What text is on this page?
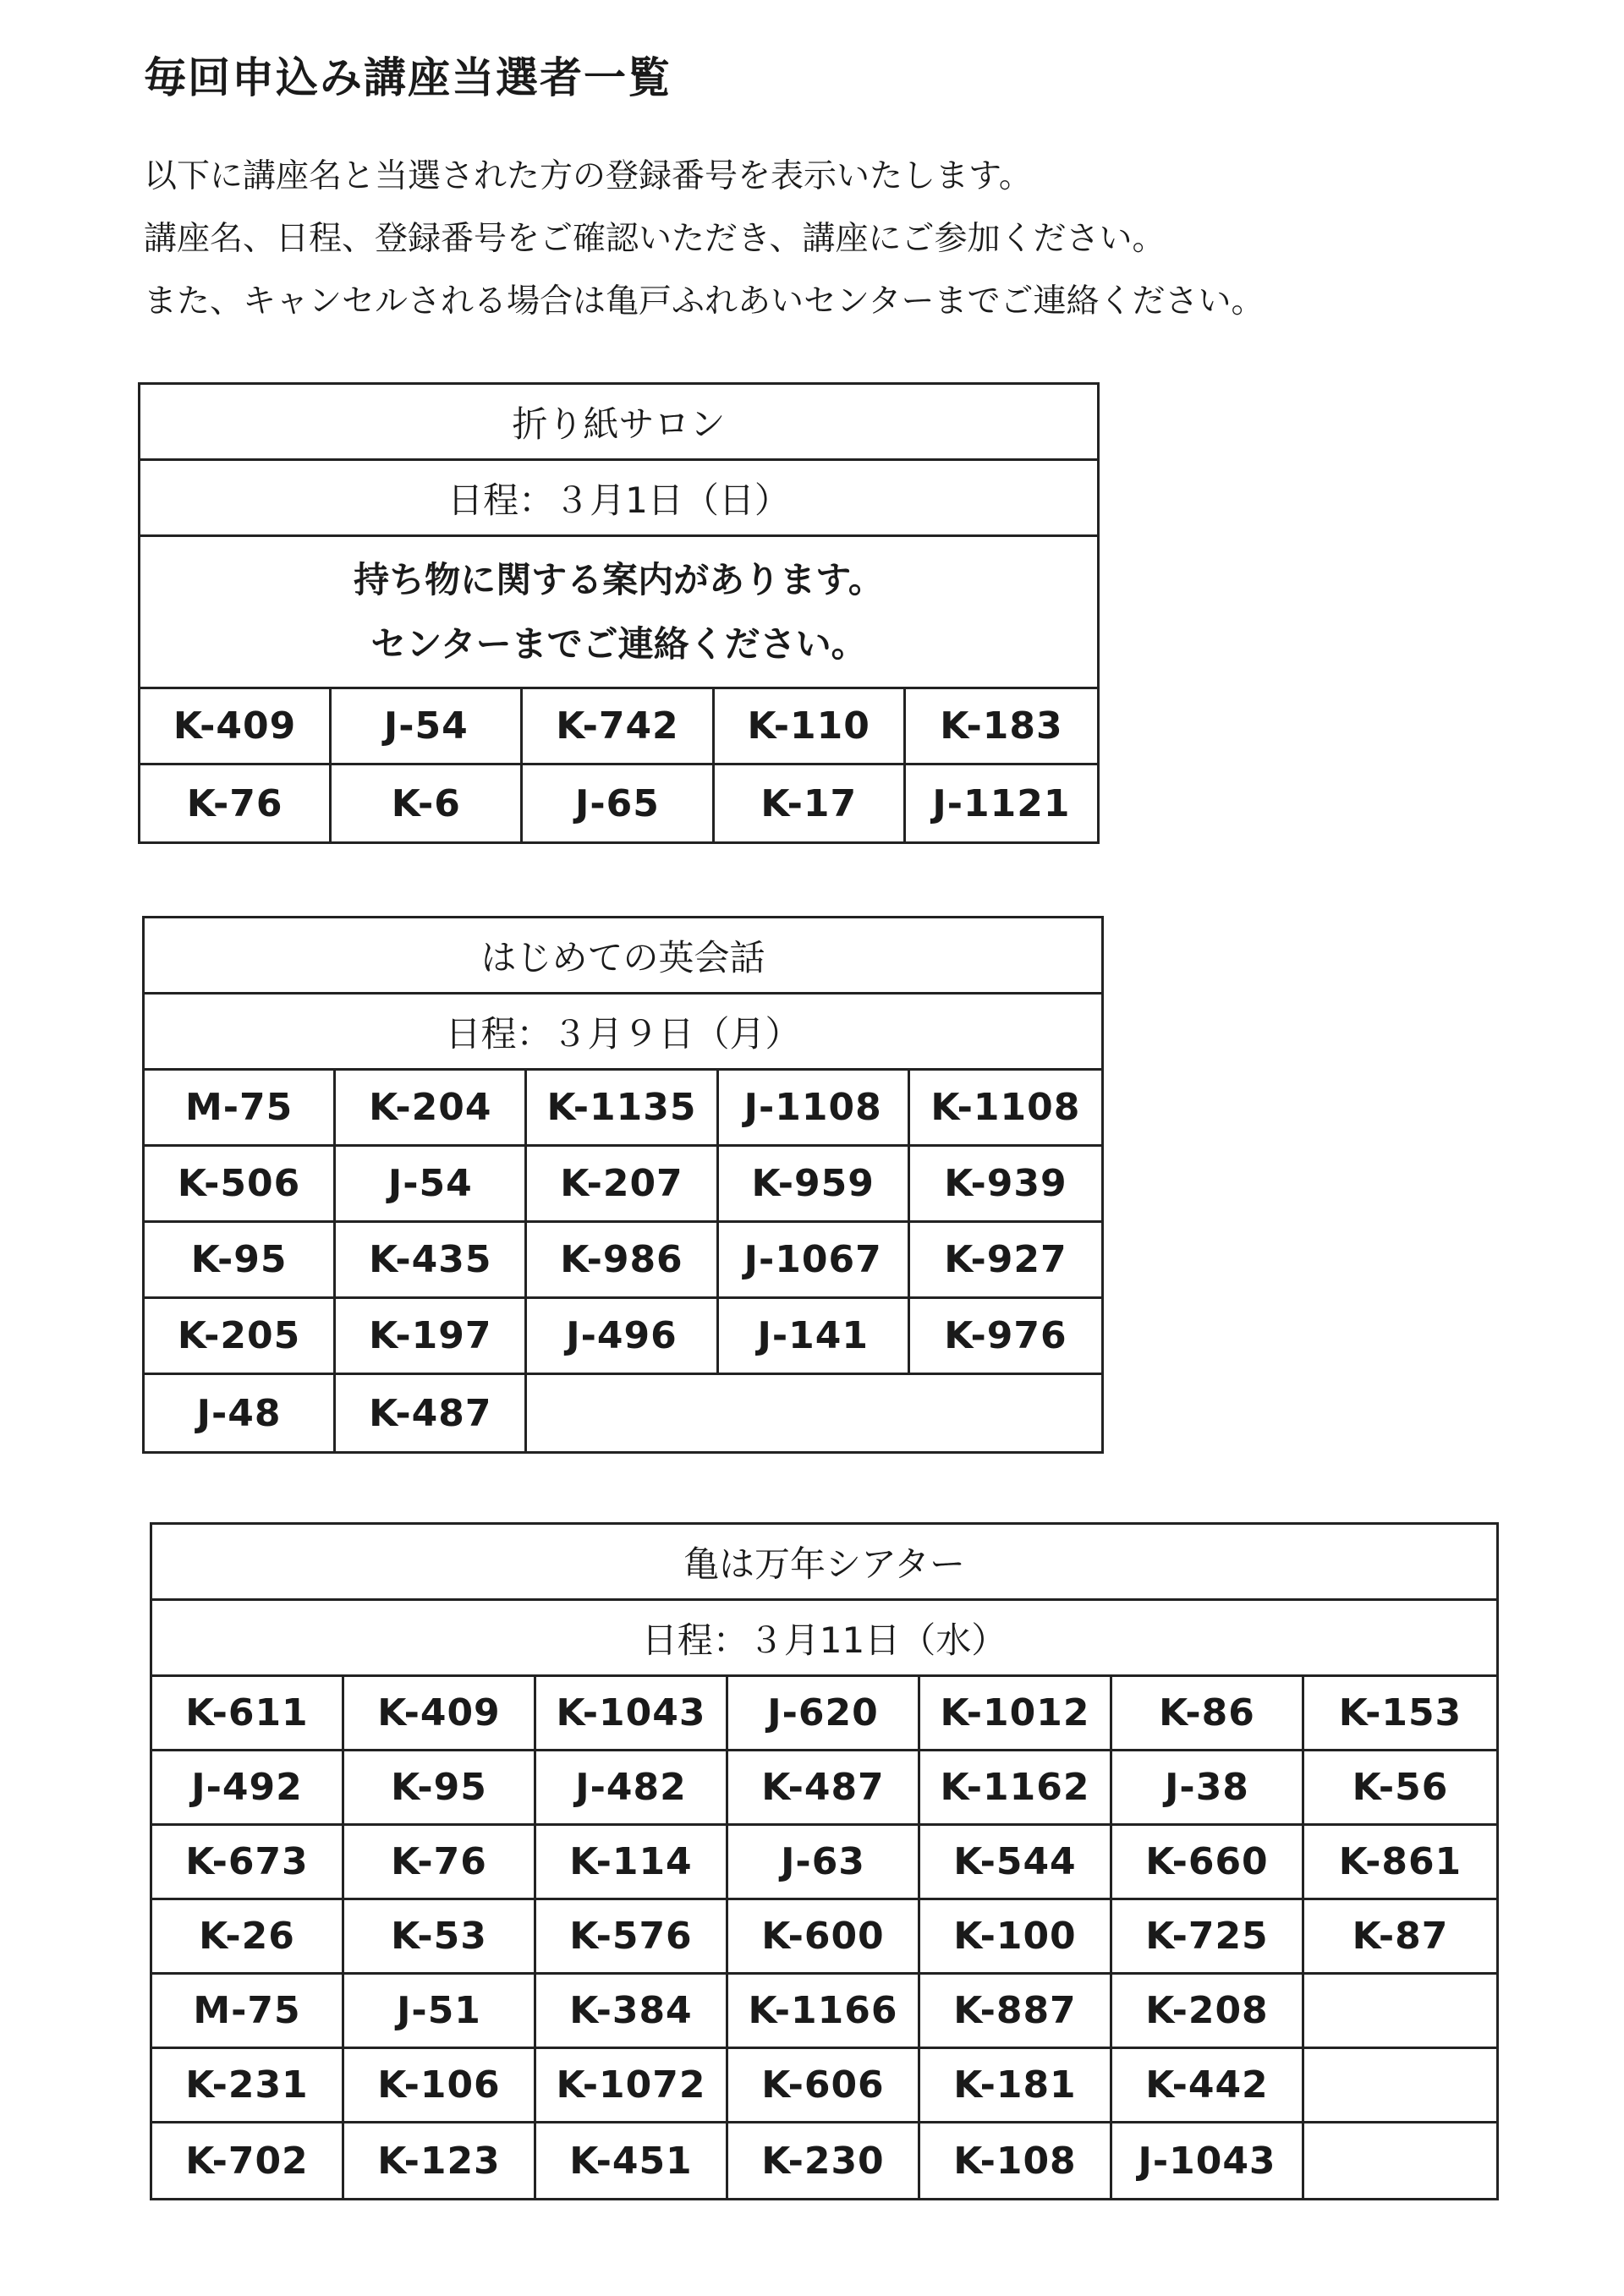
毎回申込み講座当選者一覧
以下に講座名と当選された方の登録番号を表示いたします。
講座名、日程、登録番号をご確認いただき、講座にご参加ください。
また、キャンセルされる場合は亀戸ふれあいセンターまでご連絡ください。
折り紙サロン
日程：３月1日（日）
持ち物に関する案内があります。
センターまでご連絡ください。
K-409	J-54	K-742	K-110	K-183
K-76	K-6	J-65	K-17	J-1121
はじめての英会話
日程：３月９日（月）
M-75	K-204	K-1135	J-1108	K-1108
K-506	J-54	K-207	K-959	K-939
K-95	K-435	K-986	J-1067	K-927
K-205	K-197	J-496	J-141	K-976
J-48	K-487
亀は万年シアター
日程：３月11日（水）
K-611	K-409	K-1043	J-620	K-1012	K-86	K-153
J-492	K-95	J-482	K-487	K-1162	J-38	K-56
K-673	K-76	K-114	J-63	K-544	K-660	K-861
K-26	K-53	K-576	K-600	K-100	K-725	K-87
M-75	J-51	K-384	K-1166	K-887	K-208
K-231	K-106	K-1072	K-606	K-181	K-442
K-702	K-123	K-451	K-230	K-108	J-1043
